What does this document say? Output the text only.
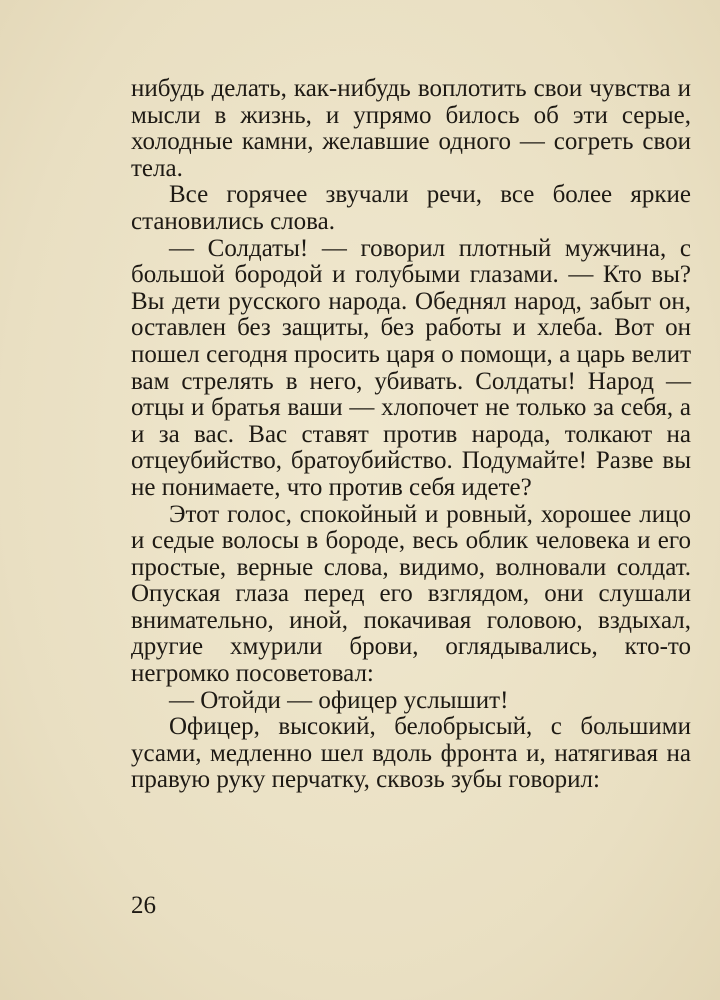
нибудь делать, как-нибудь воплотить свои чувства и мысли в жизнь, и упрямо билось об эти серые, холодные камни, желавшие одного — согреть свои тела.

Все горячее звучали речи, все более яркие становились слова.

— Солдаты! — говорил плотный мужчина, с большой бородой и голубыми глазами. — Кто вы? Вы дети русского народа. Обеднял народ, забыт он, оставлен без защиты, без работы и хлеба. Вот он пошел сегодня просить царя о помощи, а царь велит вам стрелять в него, убивать. Солдаты! Народ — отцы и братья ваши — хлопочет не только за себя, а и за вас. Вас ставят против народа, толкают на отцеубийство, братоубийство. Подумайте! Разве вы не понимаете, что против себя идете?

Этот голос, спокойный и ровный, хорошее лицо и седые волосы в бороде, весь облик человека и его простые, верные слова, видимо, волновали солдат. Опуская глаза перед его взглядом, они слушали внимательно, иной, покачивая головою, вздыхал, другие хмурили брови, оглядывались, кто-то негромко посоветовал:

— Отойди — офицер услышит!

Офицер, высокий, белобрысый, с большими усами, медленно шел вдоль фронта и, натягивая на правую руку перчатку, сквозь зубы говорил:

26
